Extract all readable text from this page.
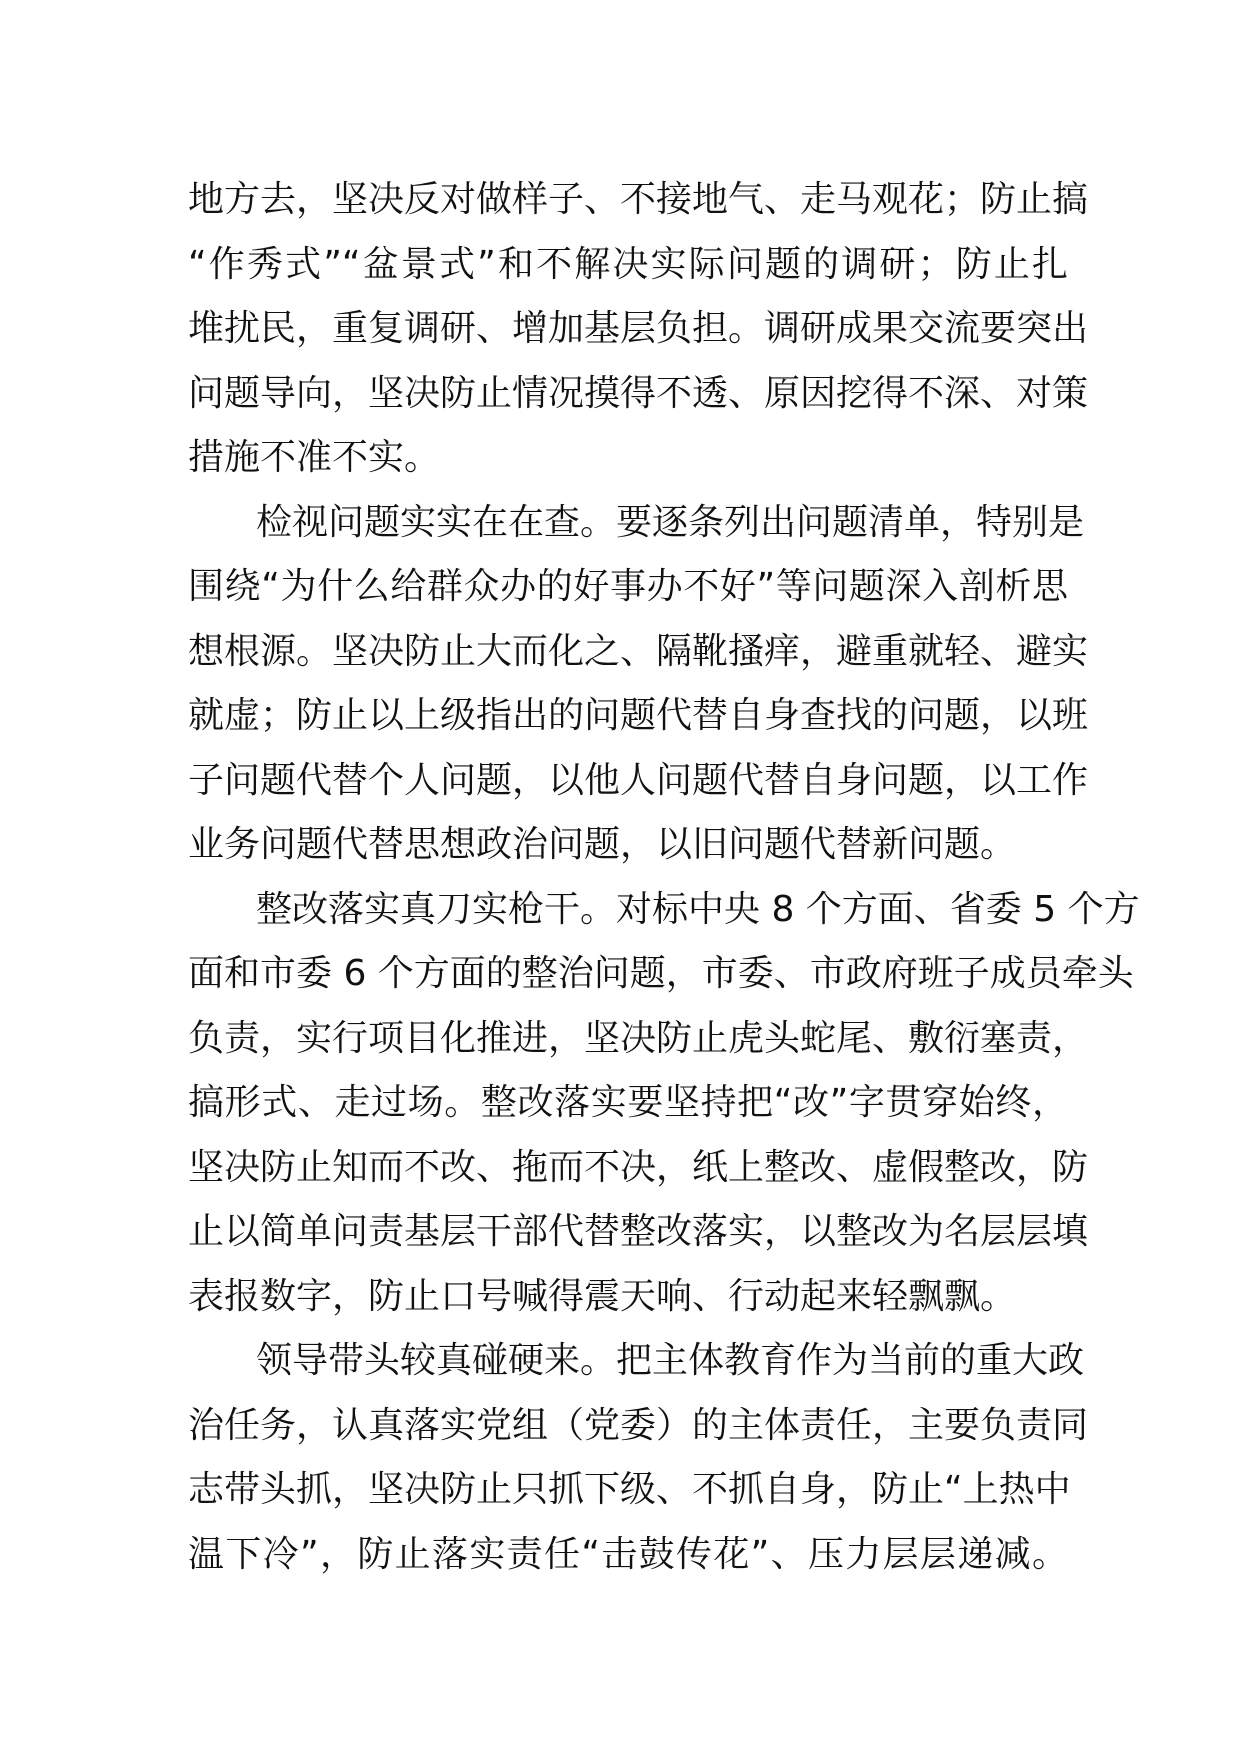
地方去，坚决反对做样子、不接地气、走马观花；防止搞
“作秀式”“盆景式”和不解决实际问题的调研；防止扎
堆扰民，重复调研、增加基层负担。调研成果交流要突出
问题导向，坚决防止情况摸得不透、原因挖得不深、对策
措施不准不实。
检视问题实实在在查。要逐条列出问题清单，特别是
围绕“为什么给群众办的好事办不好”等问题深入剖析思
想根源。坚决防止大而化之、隔靴搔痒，避重就轻、避实
就虚；防止以上级指出的问题代替自身查找的问题，以班
子问题代替个人问题，以他人问题代替自身问题，以工作
业务问题代替思想政治问题，以旧问题代替新问题。
整改落实真刀实枪干。对标中央 8 个方面、省委 5 个方
面和市委 6 个方面的整治问题，市委、市政府班子成员牵头
负责，实行项目化推进，坚决防止虎头蛇尾、敷衍塞责，
搞形式、走过场。整改落实要坚持把“改”字贯穿始终，
坚决防止知而不改、拖而不决，纸上整改、虚假整改，防
止以简单问责基层干部代替整改落实，以整改为名层层填
表报数字，防止口号喊得震天响、行动起来轻飘飘。
领导带头较真碰硬来。把主体教育作为当前的重大政
治任务，认真落实党组（党委）的主体责任，主要负责同
志带头抓，坚决防止只抓下级、不抓自身，防止“上热中
温下冷”，防止落实责任“击鼓传花”、压力层层递减。
